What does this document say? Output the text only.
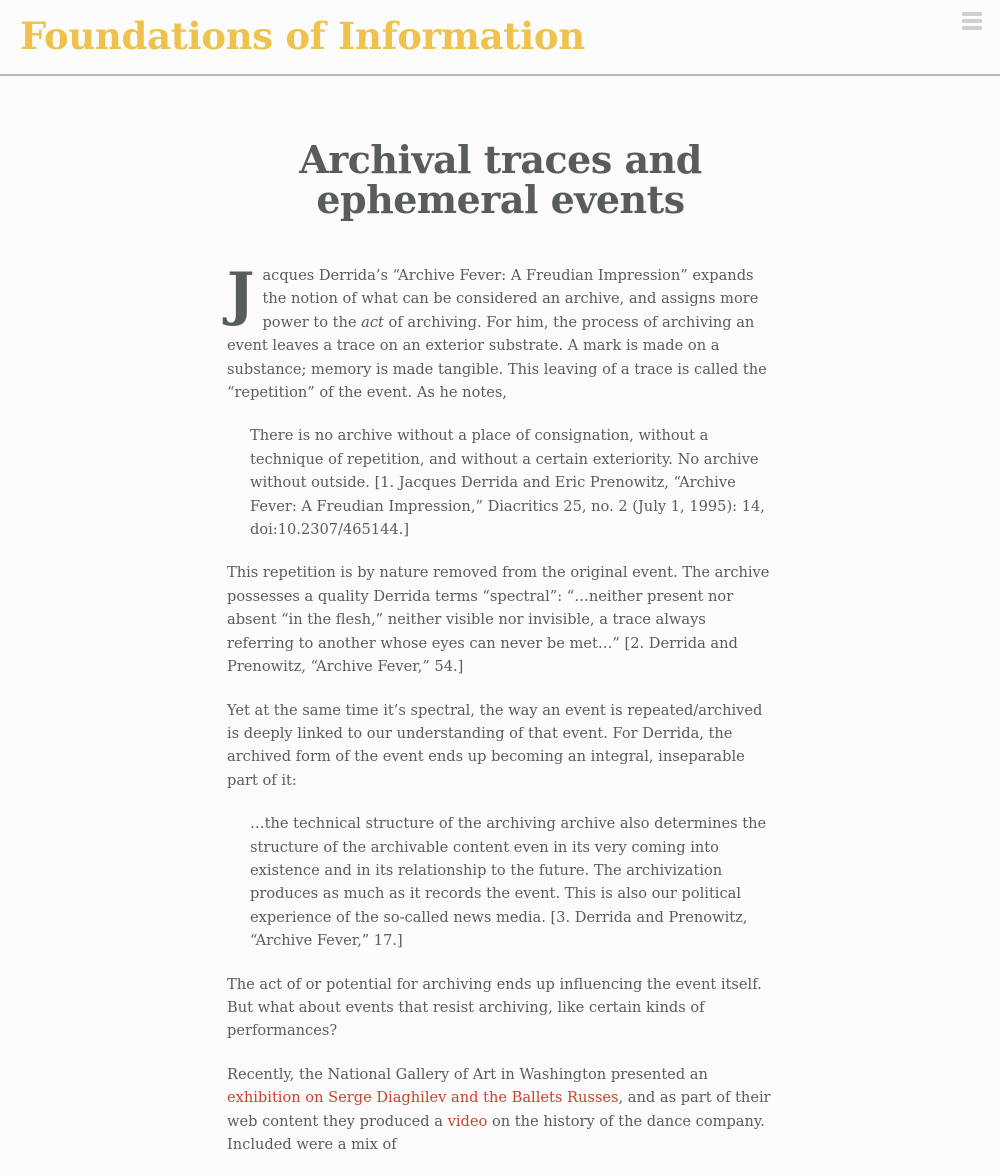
Foundations of Information
Archival traces and ephemeral events

Jacques Derrida’s “Archive Fever: A Freudian Impression” expands the notion of what can be considered an archive, and assigns more power to the act of archiving. For him, the process of archiving an event leaves a trace on an exterior substrate. A mark is made on a substance; memory is made tangible. This leaving of a trace is called the “repetition” of the event. As he notes,

There is no archive without a place of consignation, without a technique of repetition, and without a certain exteriority. No archive without outside. [1. Jacques Derrida and Eric Prenowitz, “Archive Fever: A Freudian Impression,” Diacritics 25, no. 2 (July 1, 1995): 14, doi:10.2307/465144.]

This repetition is by nature removed from the original event. The archive possesses a quality Derrida terms “spectral”: “…neither present nor absent “in the flesh,” neither visible nor invisible, a trace always referring to another whose eyes can never be met…” [2. Derrida and Prenowitz, “Archive Fever,” 54.]

Yet at the same time it’s spectral, the way an event is repeated/archived is deeply linked to our understanding of that event. For Derrida, the archived form of the event ends up becoming an integral, inseparable part of it:

…the technical structure of the archiving archive also determines the structure of the archivable content even in its very coming into existence and in its relationship to the future. The archivization produces as much as it records the event. This is also our political experience of the so-called news media. [3. Derrida and Prenowitz, “Archive Fever,” 17.]

The act of or potential for archiving ends up influencing the event itself. But what about events that resist archiving, like certain kinds of performances?

Recently, the National Gallery of Art in Washington presented an exhibition on Serge Diaghilev and the Ballets Russes, and as part of their web content they produced a video on the history of the dance company. Included were a mix of
